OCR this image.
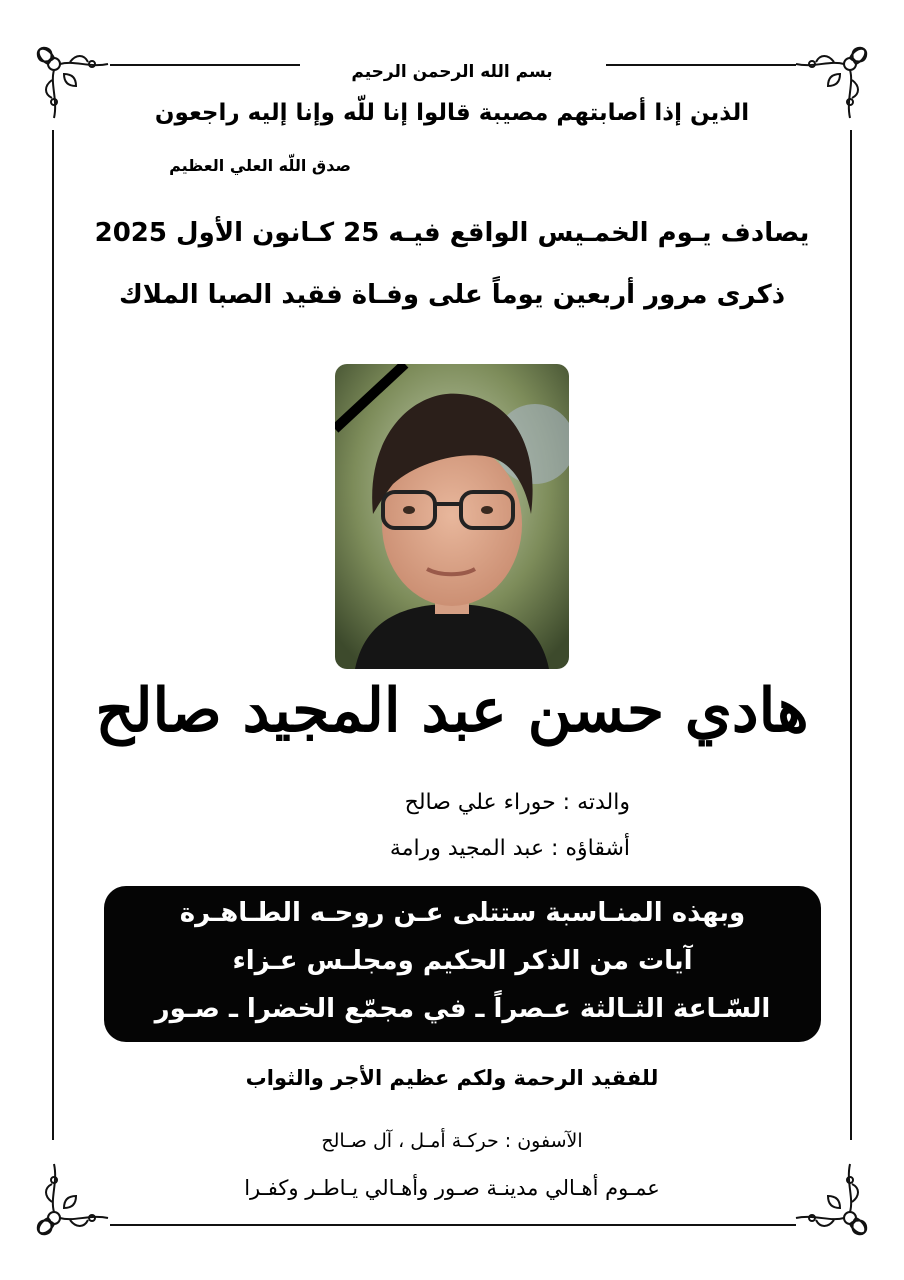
بسم الله الرحمن الرحيم
الذين إذا أصابتهم مصيبة قالوا إنا للّه وإنا إليه راجعون
صدق اللّه العلي العظيم
يصادف يـوم الخمـيس الواقع فيـه 25 كـانون الأول 2025
ذكرى مرور أربعين يوماً على وفـاة فقيد الصبا الملاك
هادي حسن عبد المجيد صالح
والدته : حوراء علي صالح
أشقاؤه : عبد المجيد ورامة
وبهذه المنـاسبة ستتلى عـن روحـه الطـاهـرة
آيات من الذكر الحكيم ومجلـس عـزاء
السّـاعة الثـالثة عـصراً ـ في مجمّع الخضرا ـ صـور
للفقيد الرحمة ولكم عظيم الأجر والثواب
الآسفون : حركـة أمـل ، آل صـالح
عمـوم أهـالي مدينـة صـور وأهـالي يـاطـر وكفـرا
